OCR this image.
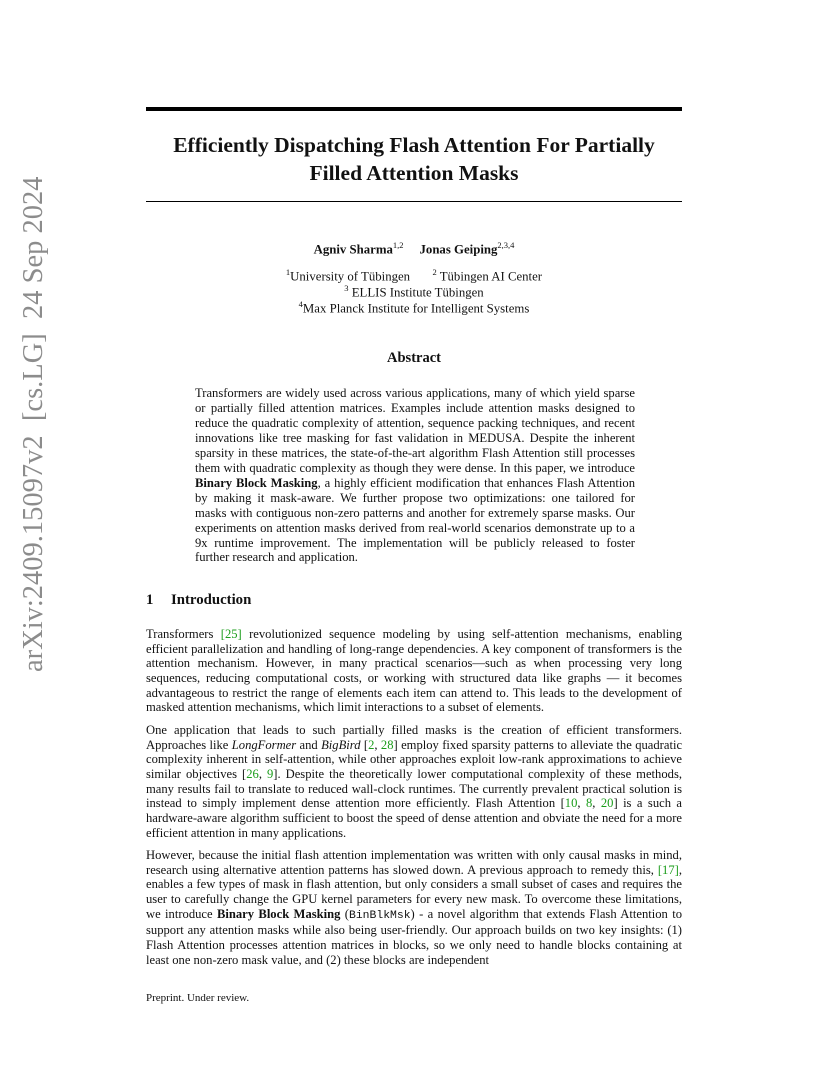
arXiv:2409.15097v2  [cs.LG]  24 Sep 2024
Efficiently Dispatching Flash Attention For Partially
Filled Attention Masks
Agniv Sharma$^{1,2}$ Jonas Geiping$^{2,3,4}$
$^1$University of Tübingen	$^2$ Tübingen AI Center
$^3$ ELLIS Institute Tübingen
$^4$Max Planck Institute for Intelligent Systems
Abstract

Transformers are widely used across various applications, many of which yield sparse or partially filled attention matrices. Examples include attention masks designed to reduce the quadratic complexity of attention, sequence packing techniques, and recent innovations like tree masking for fast validation in MEDUSA. Despite the inherent sparsity in these matrices, the state-of-the-art algorithm Flash Attention still processes them with quadratic complexity as though they were dense. In this paper, we introduce Binary Block Masking, a highly efficient modification that enhances Flash Attention by making it mask-aware. We further propose two optimizations: one tailored for masks with contiguous non-zero patterns and another for extremely sparse masks. Our experiments on attention masks derived from real-world scenarios demonstrate up to a 9x runtime improvement. The implementation will be publicly released to foster further research and application.

1 Introduction

Transformers [25] revolutionized sequence modeling by using self-attention mechanisms, enabling efficient parallelization and handling of long-range dependencies. A key component of transformers is the attention mechanism. However, in many practical scenarios—such as when processing very long sequences, reducing computational costs, or working with structured data like graphs — it becomes advantageous to restrict the range of elements each item can attend to. This leads to the development of masked attention mechanisms, which limit interactions to a subset of elements.

One application that leads to such partially filled masks is the creation of efficient transformers. Approaches like LongFormer and BigBird [2, 28] employ fixed sparsity patterns to alleviate the quadratic complexity inherent in self-attention, while other approaches exploit low-rank approximations to achieve similar objectives [26, 9]. Despite the theoretically lower computational complexity of these methods, many results fail to translate to reduced wall-clock runtimes. The currently prevalent practical solution is instead to simply implement dense attention more efficiently. Flash Attention [10, 8, 20] is a such a hardware-aware algorithm sufficient to boost the speed of dense attention and obviate the need for a more efficient attention in many applications.

However, because the initial flash attention implementation was written with only causal masks in mind, research using alternative attention patterns has slowed down. A previous approach to remedy this, [17], enables a few types of mask in flash attention, but only considers a small subset of cases and requires the user to carefully change the GPU kernel parameters for every new mask. To overcome these limitations, we introduce Binary Block Masking (BinBlkMsk) - a novel algorithm that extends Flash Attention to support any attention masks while also being user-friendly. Our approach builds on two key insights: (1) Flash Attention processes attention matrices in blocks, so we only need to handle blocks containing at least one non-zero mask value, and (2) these blocks are independent

Preprint. Under review.
